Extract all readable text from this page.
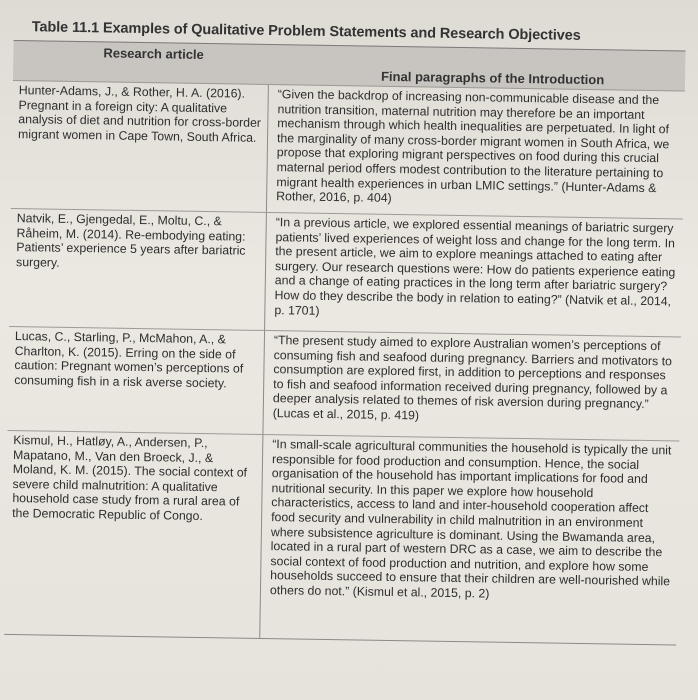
Table 11.1 Examples of Qualitative Problem Statements and Research Objectives
Research article
Final paragraphs of the Introduction
Hunter-Adams, J., & Rother, H. A. (2016). Pregnant in a foreign city: A qualitative analysis of diet and nutrition for cross-border migrant women in Cape Town, South Africa.
“Given the backdrop of increasing non-communicable disease and the nutrition transition, maternal nutrition may therefore be an important mechanism through which health inequalities are perpetuated. In light of the marginality of many cross-border migrant women in South Africa, we propose that exploring migrant perspectives on food during this crucial maternal period offers modest contribution to the literature pertaining to migrant health experiences in urban LMIC settings.” (Hunter-Adams & Rother, 2016, p. 404)
Natvik, E., Gjengedal, E., Moltu, C., & Råheim, M. (2014). Re-embodying eating: Patients’ experience 5 years after bariatric surgery.
“In a previous article, we explored essential meanings of bariatric surgery patients’ lived experiences of weight loss and change for the long term. In the present article, we aim to explore meanings attached to eating after surgery. Our research questions were: How do patients experience eating and a change of eating practices in the long term after bariatric surgery? How do they describe the body in relation to eating?” (Natvik et al., 2014, p. 1701)
Lucas, C., Starling, P., McMahon, A., & Charlton, K. (2015). Erring on the side of caution: Pregnant women’s perceptions of consuming fish in a risk averse society.
“The present study aimed to explore Australian women’s perceptions of consuming fish and seafood during pregnancy. Barriers and motivators to consumption are explored first, in addition to perceptions and responses to fish and seafood information received during pregnancy, followed by a deeper analysis related to themes of risk aversion during pregnancy.” (Lucas et al., 2015, p. 419)
Kismul, H., Hatløy, A., Andersen, P., Mapatano, M., Van den Broeck, J., & Moland, K. M. (2015). The social context of severe child malnutrition: A qualitative household case study from a rural area of the Democratic Republic of Congo.
“In small-scale agricultural communities the household is typically the unit responsible for food production and consumption. Hence, the social organisation of the household has important implications for food and nutritional security. In this paper we explore how household characteristics, access to land and inter-household cooperation affect food security and vulnerability in child malnutrition in an environment where subsistence agriculture is dominant. Using the Bwamanda area, located in a rural part of western DRC as a case, we aim to describe the social context of food production and nutrition, and explore how some households succeed to ensure that their children are well-nourished while others do not.” (Kismul et al., 2015, p. 2)
